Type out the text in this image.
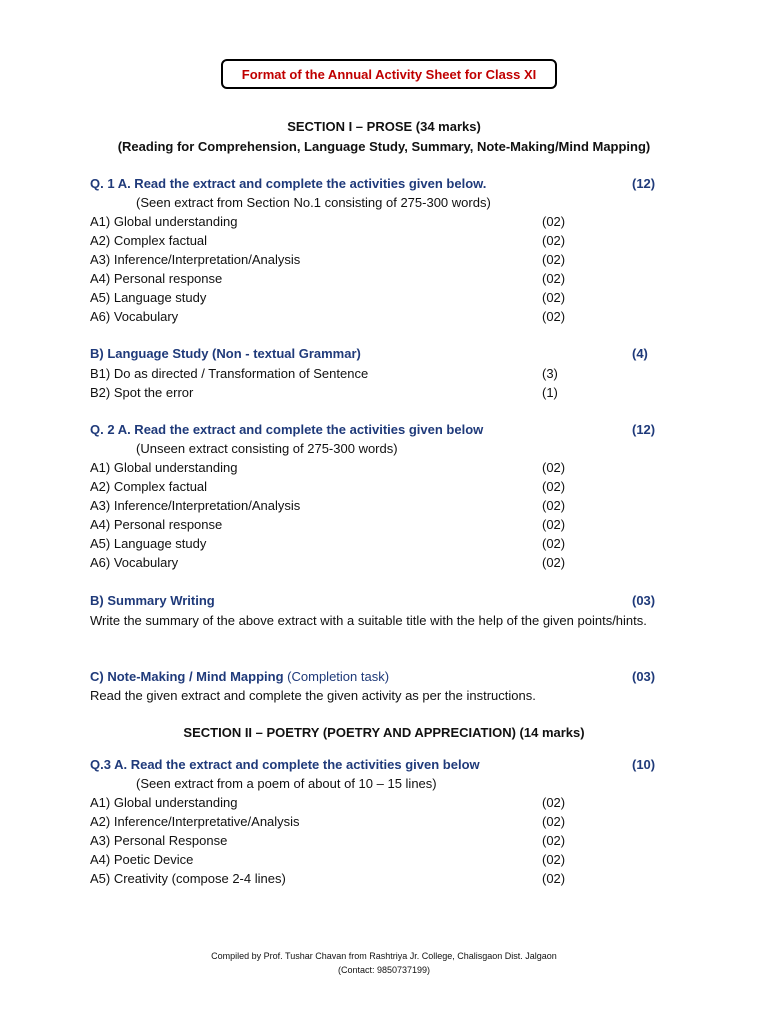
Format of the Annual Activity Sheet for Class XI
SECTION I – PROSE (34 marks)
(Reading for Comprehension, Language Study, Summary, Note-Making/Mind Mapping)
Q. 1 A. Read the extract and complete the activities given below.	(12)
(Seen extract from Section No.1 consisting of 275-300 words)
A1) Global understanding	(02)
A2) Complex factual	(02)
A3) Inference/Interpretation/Analysis	(02)
A4) Personal response	(02)
A5) Language study	(02)
A6) Vocabulary	(02)
B) Language Study (Non - textual Grammar)	(4)
B1) Do as directed / Transformation of Sentence	(3)
B2) Spot the error	(1)
Q. 2 A. Read the extract and complete the activities given below	(12)
(Unseen extract consisting of 275-300 words)
A1) Global understanding	(02)
A2) Complex factual	(02)
A3) Inference/Interpretation/Analysis	(02)
A4) Personal response	(02)
A5) Language study	(02)
A6) Vocabulary	(02)
B) Summary Writing	(03)
Write the summary of the above extract with a suitable title with the help of the given points/hints.
C) Note-Making / Mind Mapping (Completion task)	(03)
Read the given extract and complete the given activity as per the instructions.
SECTION II – POETRY (POETRY AND APPRECIATION) (14 marks)
Q.3 A. Read the extract and complete the activities given below	(10)
(Seen extract from a poem of about of 10 – 15 lines)
A1) Global understanding	(02)
A2) Inference/Interpretative/Analysis	(02)
A3) Personal Response	(02)
A4) Poetic Device	(02)
A5) Creativity (compose 2-4 lines)	(02)
Compiled by Prof. Tushar Chavan from Rashtriya Jr. College, Chalisgaon Dist. Jalgaon
(Contact: 9850737199)
